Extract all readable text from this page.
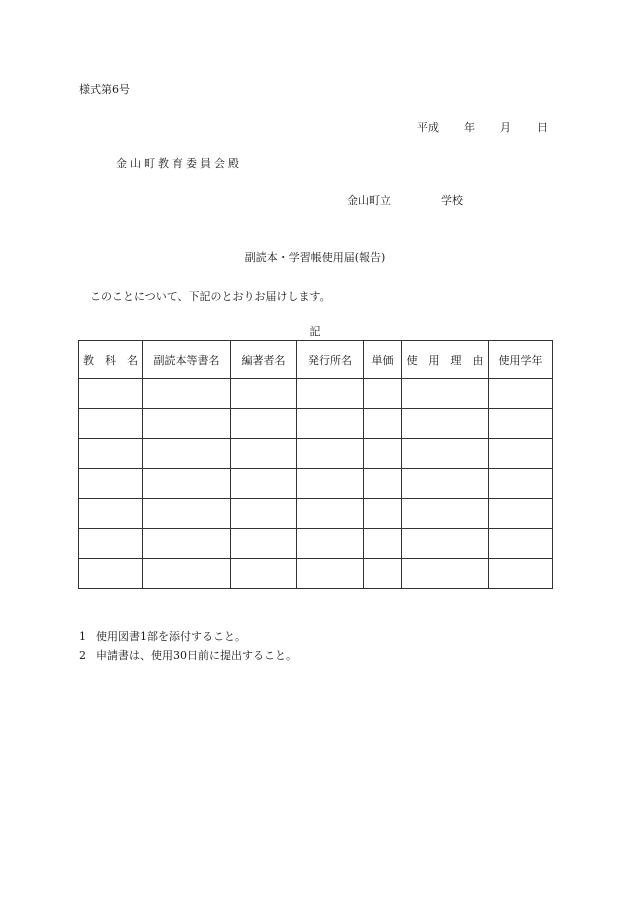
様式第6号
平成 年 月 日
金山町教育委員会殿
金山町立	学校
副読本・学習帳使用届(報告)
このことについて、下記のとおりお届けします。
記
教　科　名	副読本等書名	編著者名	発行所名	単価	使　用　理　由	使用学年

1 使用図書1部を添付すること。
2 申請書は、使用30日前に提出すること。
